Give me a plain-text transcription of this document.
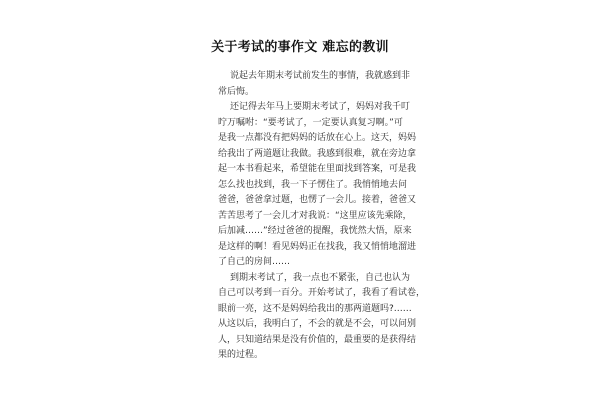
关于考试的事作文 难忘的教训
说起去年期末考试前发生的事情，我就感到非
常后悔。
还记得去年马上要期末考试了，妈妈对我千叮
咛万嘱咐：“要考试了，一定要认真复习啊。”可
是我一点都没有把妈妈的话放在心上。这天，妈妈
给我出了两道题让我做。我感到很难，就在旁边拿
起一本书看起来，希望能在里面找到答案，可是我
怎么找也找到，我一下子愣住了。我悄悄地去问
爸爸，爸爸拿过题，也愣了一会儿。接着，爸爸又
苦苦思考了一会儿才对我说：“这里应该先乘除，
后加减……”经过爸爸的提醒，我恍然大悟，原来
是这样的啊！看见妈妈正在找我，我又悄悄地溜进
了自己的房间……
到期末考试了，我一点也不紧张，自己也认为
自己可以考到一百分。开始考试了，我看了看试卷，
眼前一亮，这不是妈妈给我出的那两道题吗?……
从这以后，我明白了，不会的就是不会，可以问别
人，只知道结果是没有价值的，最重要的是获得结
果的过程。
